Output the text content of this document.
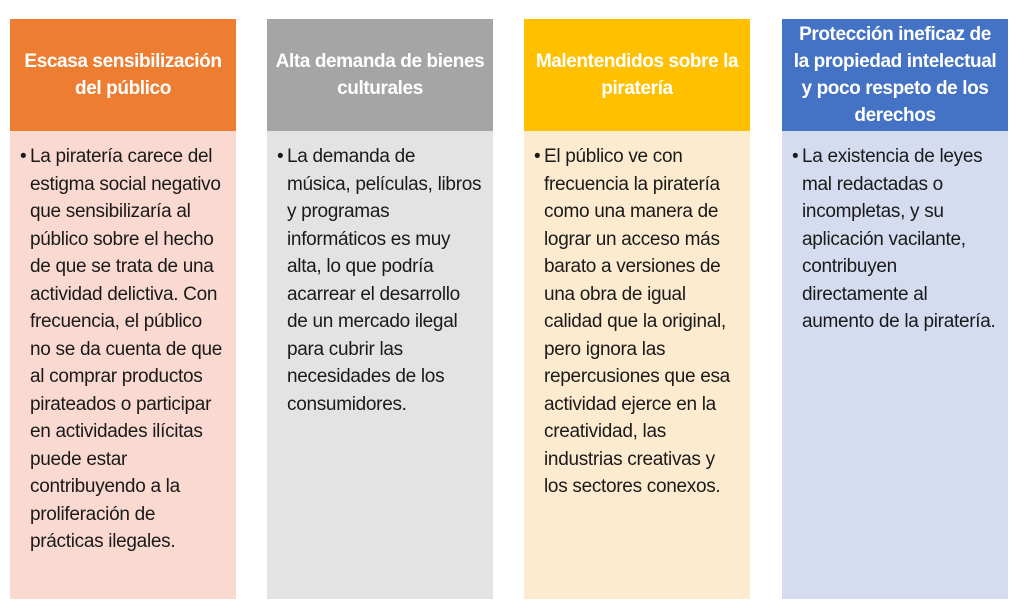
Escasa sensibilización del público
• La piratería carece del estigma social negativo que sensibilizaría al público sobre el hecho de que se trata de una actividad delictiva. Con frecuencia, el público no se da cuenta de que al comprar productos pirateados o participar en actividades ilícitas puede estar contribuyendo a la proliferación de prácticas ilegales.
Alta demanda de bienes culturales
• La demanda de música, películas, libros y programas informáticos es muy alta, lo que podría acarrear el desarrollo de un mercado ilegal para cubrir las necesidades de los consumidores.
Malentendidos sobre la piratería
• El público ve con frecuencia la piratería como una manera de lograr un acceso más barato a versiones de una obra de igual calidad que la original, pero ignora las repercusiones que esa actividad ejerce en la creatividad, las industrias creativas y los sectores conexos.
Protección ineficaz de la propiedad intelectual y poco respeto de los derechos
• La existencia de leyes mal redactadas o incompletas, y su aplicación vacilante, contribuyen directamente al aumento de la piratería.
